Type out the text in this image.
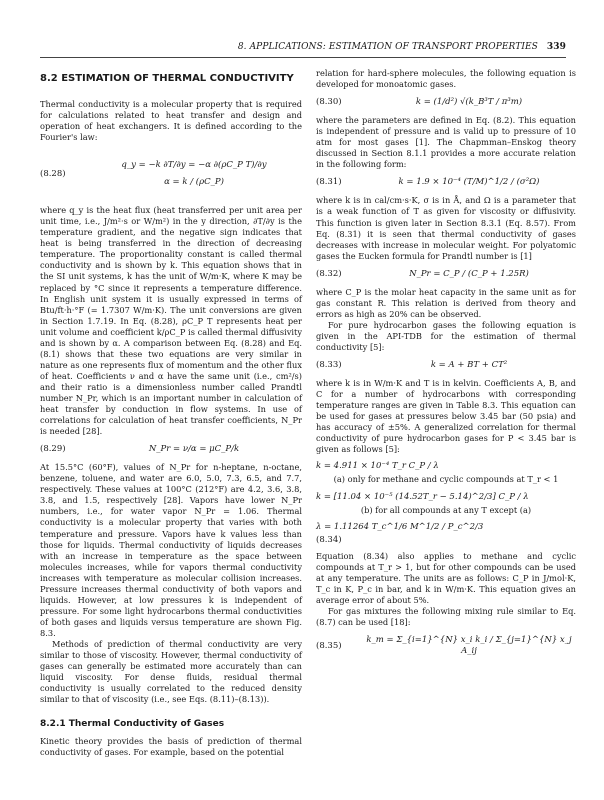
8. APPLICATIONS: ESTIMATION OF TRANSPORT PROPERTIES 339
8.2 ESTIMATION OF THERMAL CONDUCTIVITY

Thermal conductivity is a molecular property that is required for calculations related to heat transfer and design and operation of heat exchangers. It is defined according to the Fourier's law:

(8.28)
q_y = −k ∂T/∂y = −α ∂(ρC_P T)/∂y
α = k / (ρC_P)

where q_y is the heat flux (heat transferred per unit area per unit time, i.e., J/m²·s or W/m²) in the y direction, ∂T/∂y is the temperature gradient, and the negative sign indicates that heat is being transferred in the direction of decreasing temperature. The proportionality constant is called thermal conductivity and is shown by k. This equation shows that in the SI unit systems, k has the unit of W/m·K, where K may be replaced by °C since it represents a temperature difference. In English unit system it is usually expressed in terms of Btu/ft·h·°F (= 1.7307 W/m·K). The unit conversions are given in Section 1.7.19. In Eq. (8.28), ρC_P T represents heat per unit volume and coefficient k/ρC_P is called thermal diffusivity and is shown by α. A comparison between Eq. (8.28) and Eq. (8.1) shows that these two equations are very similar in nature as one represents flux of momentum and the other flux of heat. Coefficients ν and α have the same unit (i.e., cm²/s) and their ratio is a dimensionless number called Prandtl number N_Pr, which is an important number in calculation of heat transfer by conduction in flow systems. In use of correlations for calculation of heat transfer coefficients, N_Pr is needed [28].

(8.29)	N_Pr = ν/α = μC_P/k

At 15.5°C (60°F), values of N_Pr for n-heptane, n-octane, benzene, toluene, and water are 6.0, 5.0, 7.3, 6.5, and 7.7, respectively. These values at 100°C (212°F) are 4.2, 3.6, 3.8, 3.8, and 1.5, respectively [28]. Vapors have lower N_Pr numbers, i.e., for water vapor N_Pr = 1.06. Thermal conductivity is a molecular property that varies with both temperature and pressure. Vapors have k values less than those for liquids. Thermal conductivity of liquids decreases with an increase in temperature as the space between molecules increases, while for vapors thermal conductivity increases with temperature as molecular collision increases. Pressure increases thermal conductivity of both vapors and liquids. However, at low pressures k is independent of pressure. For some light hydrocarbons thermal conductivities of both gases and liquids versus temperature are shown Fig. 8.3.

Methods of prediction of thermal conductivity are very similar to those of viscosity. However, thermal conductivity of gases can generally be estimated more accurately than can liquid viscosity. For dense fluids, residual thermal conductivity is usually correlated to the reduced density similar to that of viscosity (i.e., see Eqs. (8.11)–(8.13)).

8.2.1 Thermal Conductivity of Gases

Kinetic theory provides the basis of prediction of thermal conductivity of gases. For example, based on the potential

relation for hard-sphere molecules, the following equation is developed for monoatomic gases.

(8.30)	k = (1/d²) √(k_B³T / π³m)

where the parameters are defined in Eq. (8.2). This equation is independent of pressure and is valid up to pressure of 10 atm for most gases [1]. The Chapmman–Enskog theory discussed in Section 8.1.1 provides a more accurate relation in the following form:

(8.31)	k = 1.9 × 10⁻⁴ (T/M)^1/2 / (σ²Ω)

where k is in cal/cm·s·K, σ is in Å, and Ω is a parameter that is a weak function of T as given for viscosity or diffusivity. This function is given later in Section 8.3.1 (Eq. 8.57). From Eq. (8.31) it is seen that thermal conductivity of gases decreases with increase in molecular weight. For polyatomic gases the Eucken formula for Prandtl number is [1]

(8.32)	N_Pr = C_P / (C_P + 1.25R)

where C_P is the molar heat capacity in the same unit as for gas constant R. This relation is derived from theory and errors as high as 20% can be observed.

For pure hydrocarbon gases the following equation is given in the API-TDB for the estimation of thermal conductivity [5]:

(8.33)	k = A + BT + CT²

where k is in W/m·K and T is in kelvin. Coefficients A, B, and C for a number of hydrocarbons with corresponding temperature ranges are given in Table 8.3. This equation can be used for gases at pressures below 3.45 bar (50 psia) and has accuracy of ±5%. A generalized correlation for thermal conductivity of pure hydrocarbon gases for P < 3.45 bar is given as follows [5]:

k = 4.911 × 10⁻⁴ T_r C_P / λ
(a) only for methane and cyclic compounds at T_r < 1
k = [11.04 × 10⁻⁵ (14.52T_r − 5.14)^2/3] C_P / λ
(b) for all compounds at any T except (a)
λ = 1.11264 T_c^1/6 M^1/2 / P_c^2/3
(8.34)

Equation (8.34) also applies to methane and cyclic compounds at T_r > 1, but for other compounds can be used at any temperature. The units are as follows: C_P in J/mol·K, T_c in K, P_c in bar, and k in W/m·K. This equation gives an average error of about 5%.

For gas mixtures the following mixing rule similar to Eq. (8.7) can be used [18]:

(8.35)
k_m = Σ_{i=1}^{N} x_i k_i / Σ_{j=1}^{N} x_j A_ij
